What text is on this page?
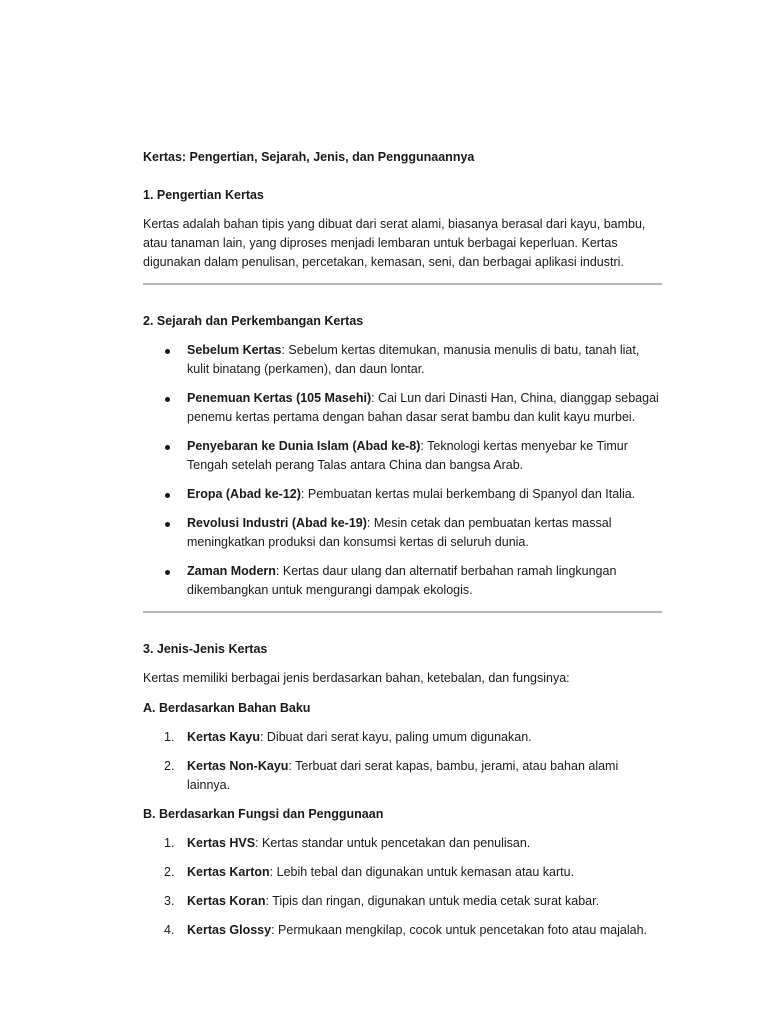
Kertas: Pengertian, Sejarah, Jenis, dan Penggunaannya

1. Pengertian Kertas

Kertas adalah bahan tipis yang dibuat dari serat alami, biasanya berasal dari kayu, bambu, atau tanaman lain, yang diproses menjadi lembaran untuk berbagai keperluan. Kertas digunakan dalam penulisan, percetakan, kemasan, seni, dan berbagai aplikasi industri.

2. Sejarah dan Perkembangan Kertas

Sebelum Kertas: Sebelum kertas ditemukan, manusia menulis di batu, tanah liat, kulit binatang (perkamen), dan daun lontar.
Penemuan Kertas (105 Masehi): Cai Lun dari Dinasti Han, China, dianggap sebagai penemu kertas pertama dengan bahan dasar serat bambu dan kulit kayu murbei.
Penyebaran ke Dunia Islam (Abad ke-8): Teknologi kertas menyebar ke Timur Tengah setelah perang Talas antara China dan bangsa Arab.
Eropa (Abad ke-12): Pembuatan kertas mulai berkembang di Spanyol dan Italia.
Revolusi Industri (Abad ke-19): Mesin cetak dan pembuatan kertas massal meningkatkan produksi dan konsumsi kertas di seluruh dunia.
Zaman Modern: Kertas daur ulang dan alternatif berbahan ramah lingkungan dikembangkan untuk mengurangi dampak ekologis.

3. Jenis-Jenis Kertas

Kertas memiliki berbagai jenis berdasarkan bahan, ketebalan, dan fungsinya:

A. Berdasarkan Bahan Baku

1. Kertas Kayu: Dibuat dari serat kayu, paling umum digunakan.
2. Kertas Non-Kayu: Terbuat dari serat kapas, bambu, jerami, atau bahan alami lainnya.

B. Berdasarkan Fungsi dan Penggunaan

1. Kertas HVS: Kertas standar untuk pencetakan dan penulisan.
2. Kertas Karton: Lebih tebal dan digunakan untuk kemasan atau kartu.
3. Kertas Koran: Tipis dan ringan, digunakan untuk media cetak surat kabar.
4. Kertas Glossy: Permukaan mengkilap, cocok untuk pencetakan foto atau majalah.
